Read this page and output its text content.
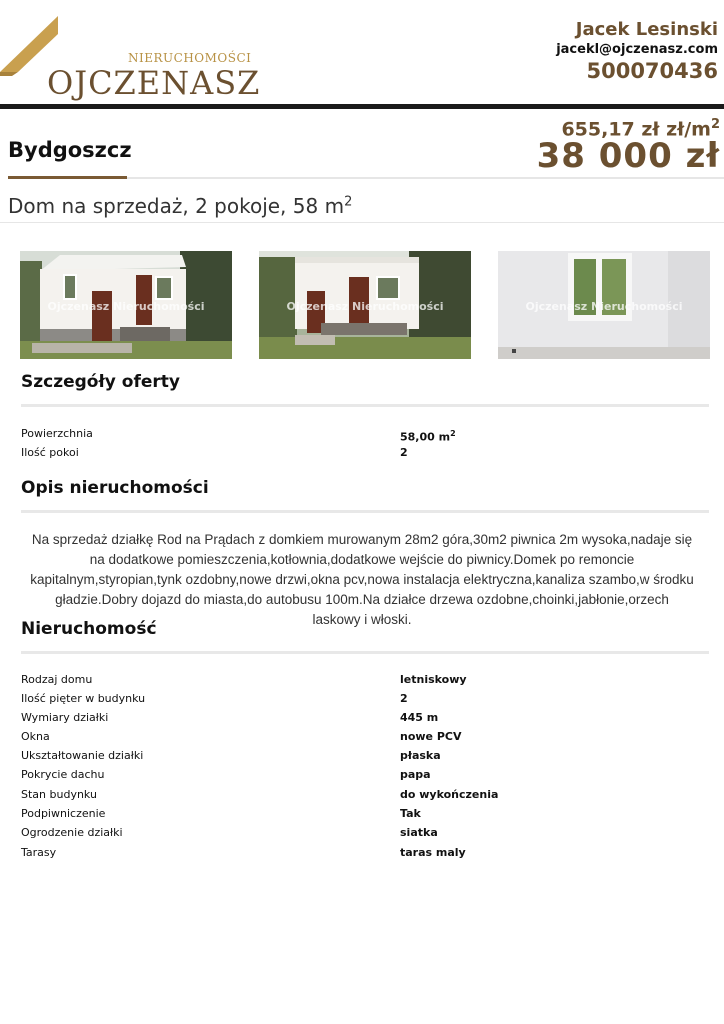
NIERUCHOMOŚCI
OJCZENASZ
Jacek Lesinski
jacekl@ojczenasz.com
500070436
Bydgoszcz
655,17 zł $zł/m^2$
38 000 zł
Dom na sprzedaż, 2 pokoje, 58 $m^2$
Ojczenasz Nieruchomości	Ojczenasz Nieruchomości	Ojczenasz Nieruchomości
Szczegóły oferty
Powierzchnia	58,00 $m^2$
Ilość pokoi	2
Opis nieruchomości
Na sprzedaż działkę Rod na Prądach z domkiem murowanym 28m2 góra,30m2 piwnica 2m wysoka,nadaje się na dodatkowe pomieszczenia,kotłownia,dodatkowe wejście do piwnicy.Domek po remoncie kapitalnym,styropian,tynk ozdobny,nowe drzwi,okna pcv,nowa instalacja elektryczna,kanaliza szambo,w środku gładzie.Dobry dojazd do miasta,do autobusu 100m.Na działce drzewa ozdobne,choinki,jabłonie,orzech laskowy i włoski.
Nieruchomość
Rodzaj domu	letniskowy
Ilość pięter w budynku	2
Wymiary działki	445 m
Okna	nowe PCV
Ukształtowanie działki	płaska
Pokrycie dachu	papa
Stan budynku	do wykończenia
Podpiwniczenie	Tak
Ogrodzenie działki	siatka
Tarasy	taras maly
